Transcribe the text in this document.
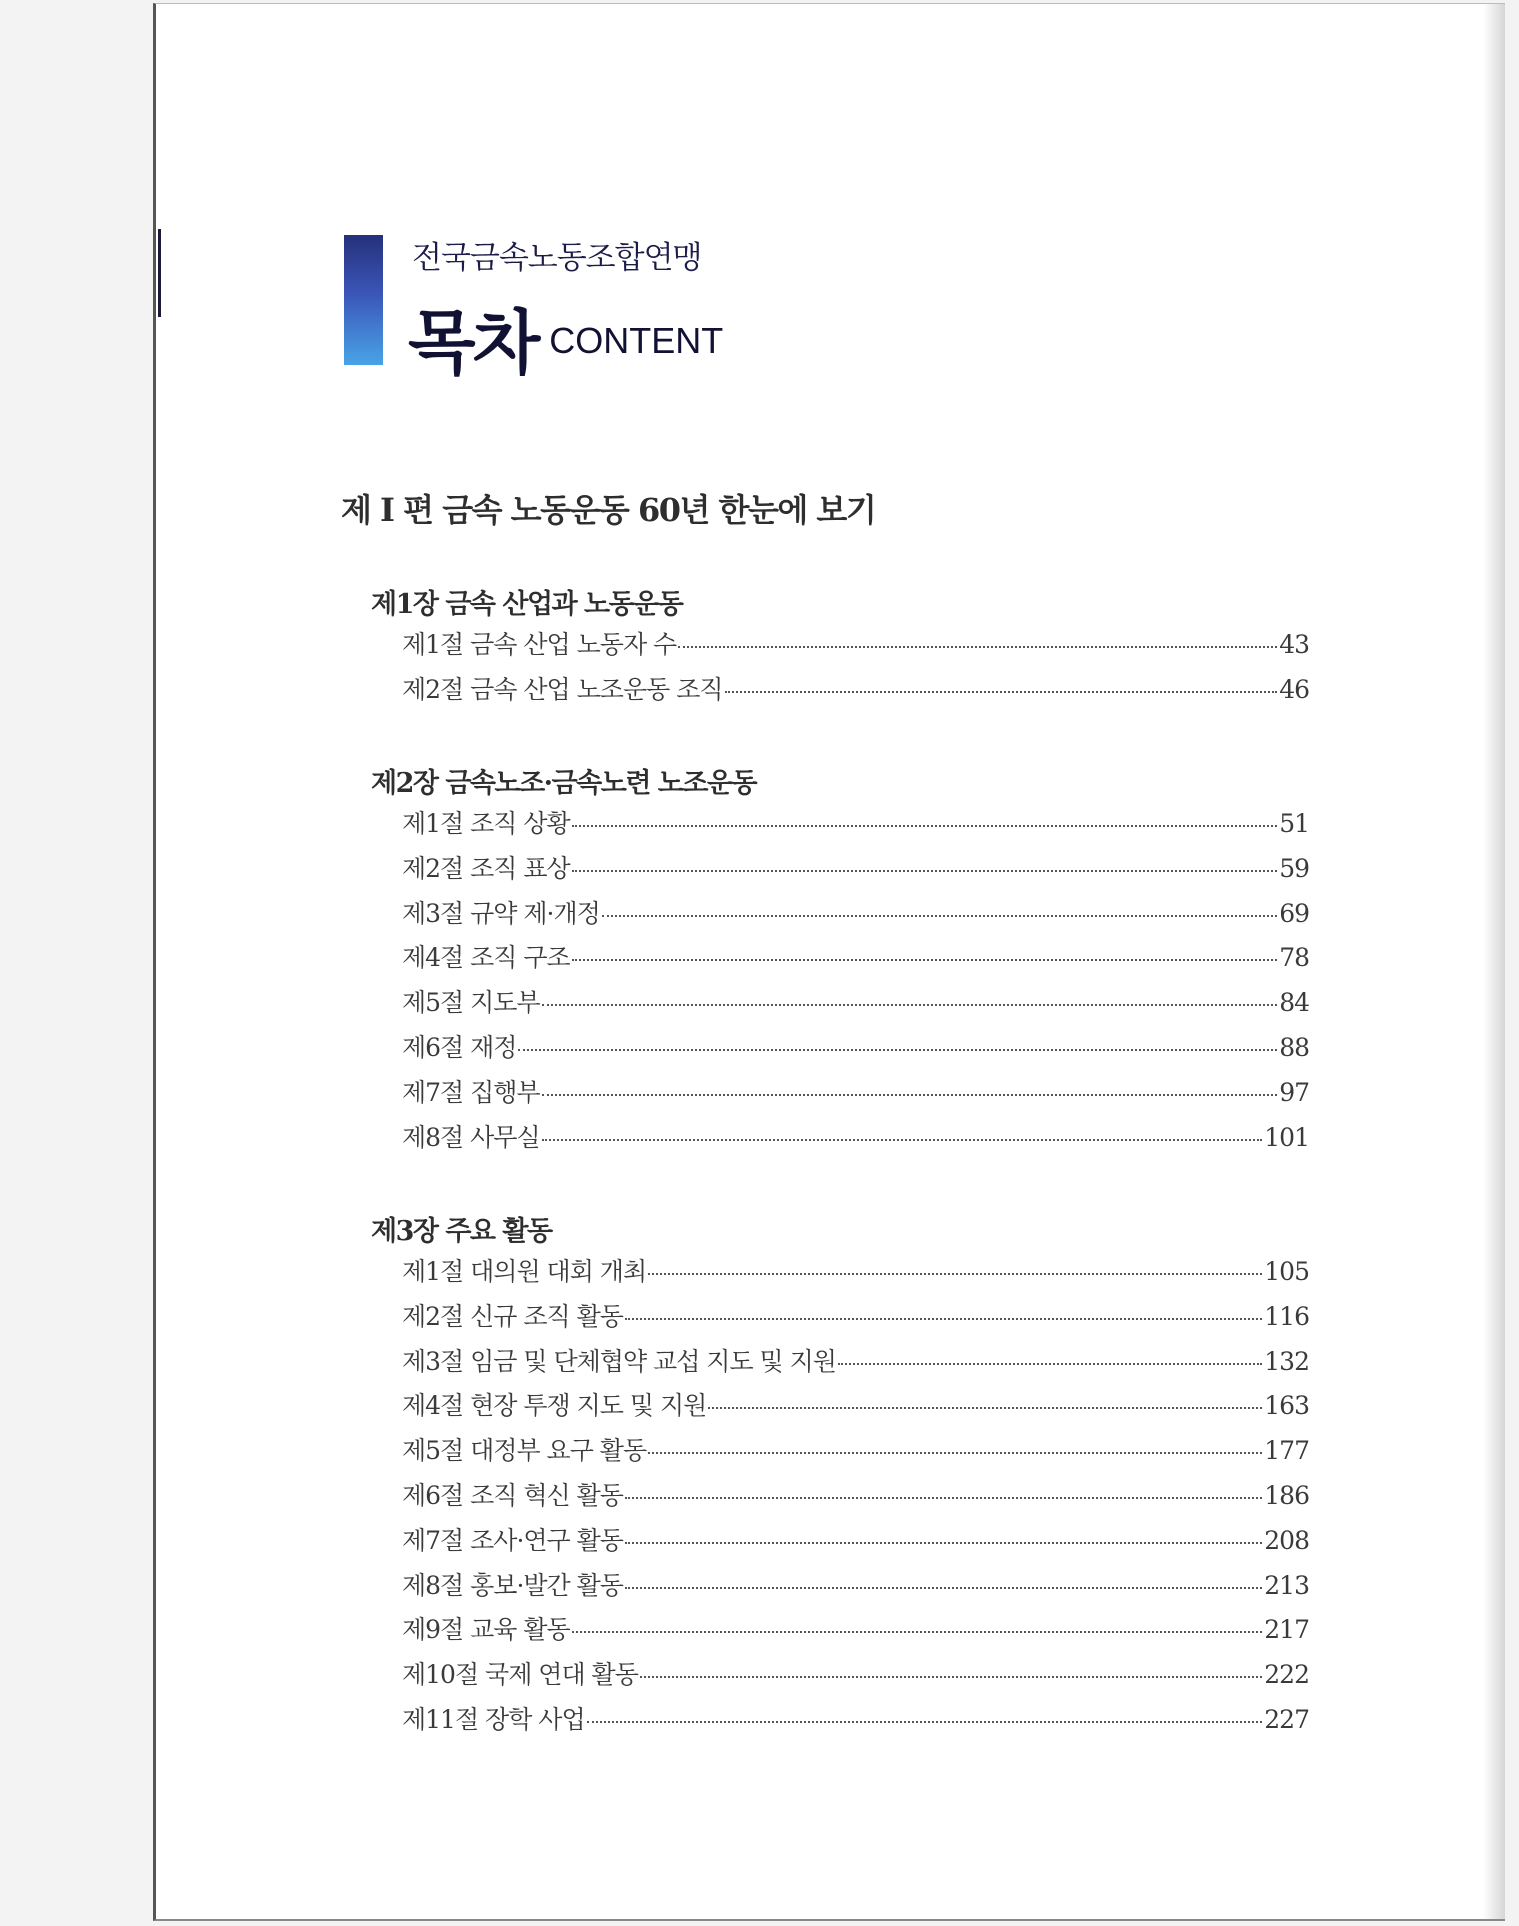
전국금속노동조합연맹
목차 CONTENT
제 I 편 금속 노동운동 60년 한눈에 보기
제1장 금속 산업과 노동운동
제1절 금속 산업 노동자 수	43
제2절 금속 산업 노조운동 조직	46
제2장 금속노조·금속노련 노조운동
제1절 조직 상황	51
제2절 조직 표상	59
제3절 규약 제·개정	69
제4절 조직 구조	78
제5절 지도부	84
제6절 재정	88
제7절 집행부	97
제8절 사무실	101
제3장 주요 활동
제1절 대의원 대회 개최	105
제2절 신규 조직 활동	116
제3절 임금 및 단체협약 교섭 지도 및 지원	132
제4절 현장 투쟁 지도 및 지원	163
제5절 대정부 요구 활동	177
제6절 조직 혁신 활동	186
제7절 조사·연구 활동	208
제8절 홍보·발간 활동	213
제9절 교육 활동	217
제10절 국제 연대 활동	222
제11절 장학 사업	227
